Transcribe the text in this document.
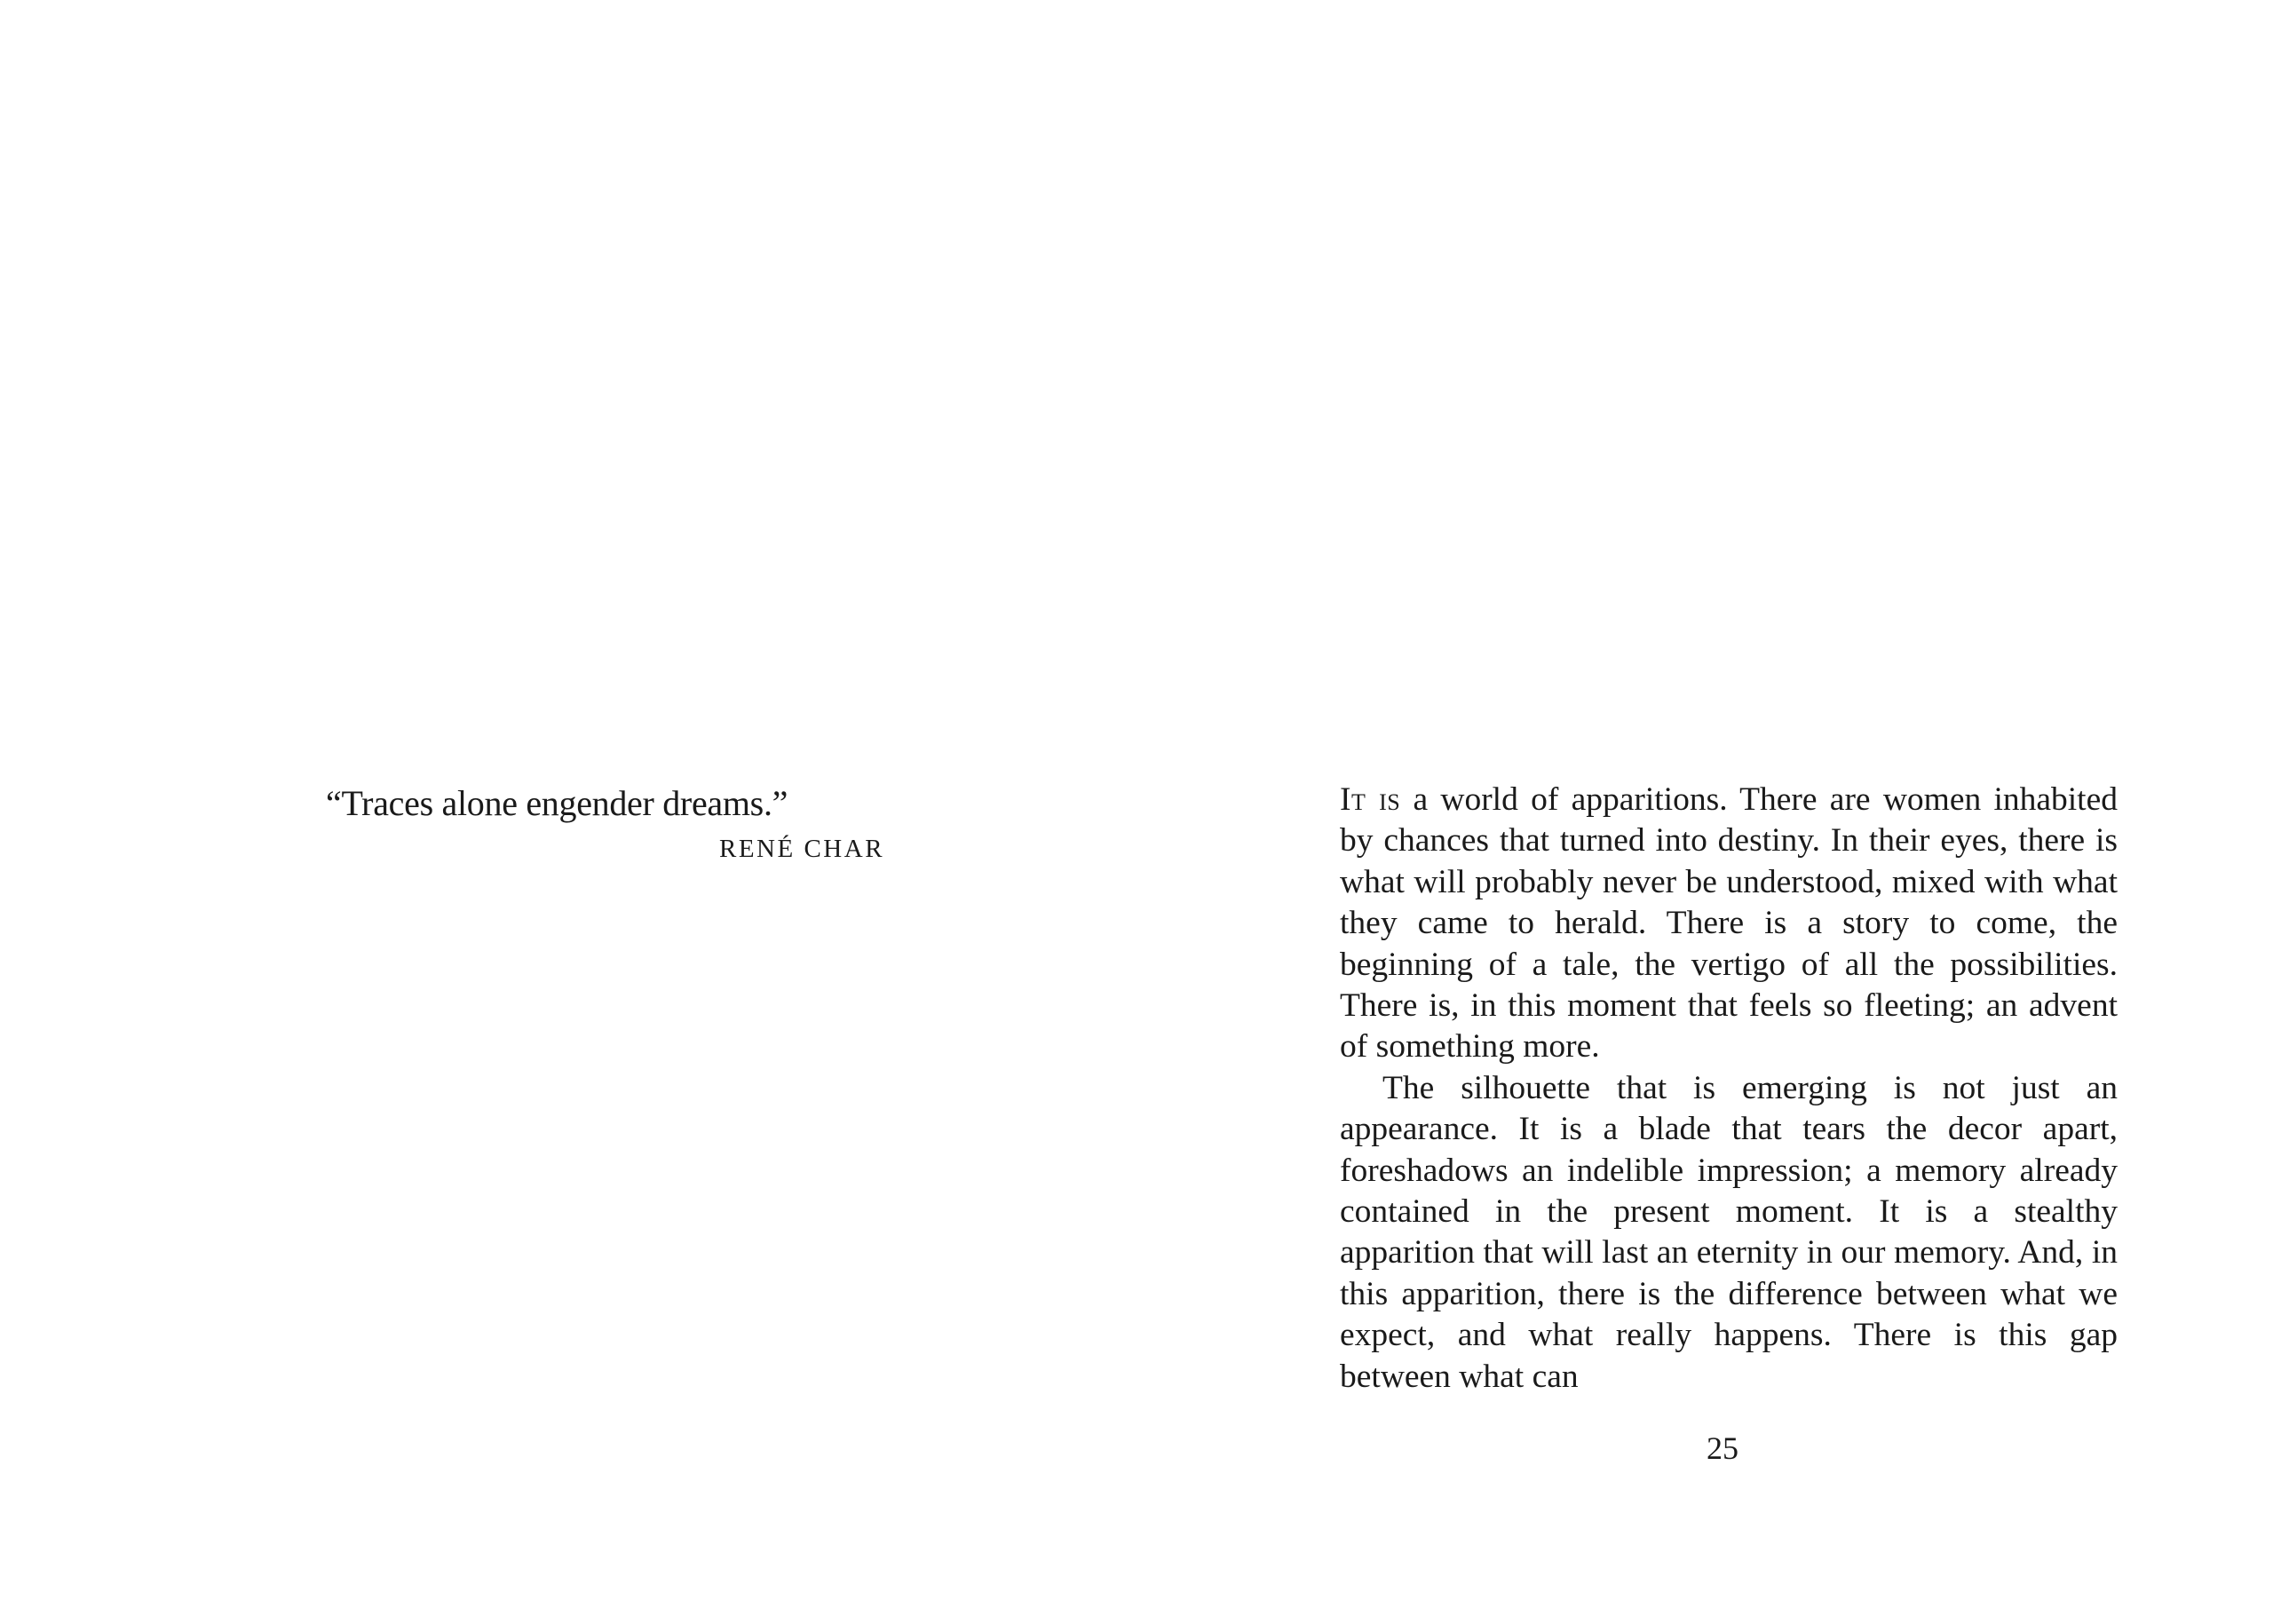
“Traces alone engender dreams.”
RENÉ CHAR

It is a world of apparitions. There are women inhabited by chances that turned into destiny. In their eyes, there is what will probably never be understood, mixed with what they came to herald. There is a story to come, the beginning of a tale, the vertigo of all the possibilities. There is, in this moment that feels so fleeting; an advent of something more.

The silhouette that is emerging is not just an appearance. It is a blade that tears the decor apart, foreshadows an indelible impression; a memory already contained in the present moment. It is a stealthy apparition that will last an eternity in our memory. And, in this apparition, there is the difference between what we expect, and what really happens. There is this gap between what can

25
